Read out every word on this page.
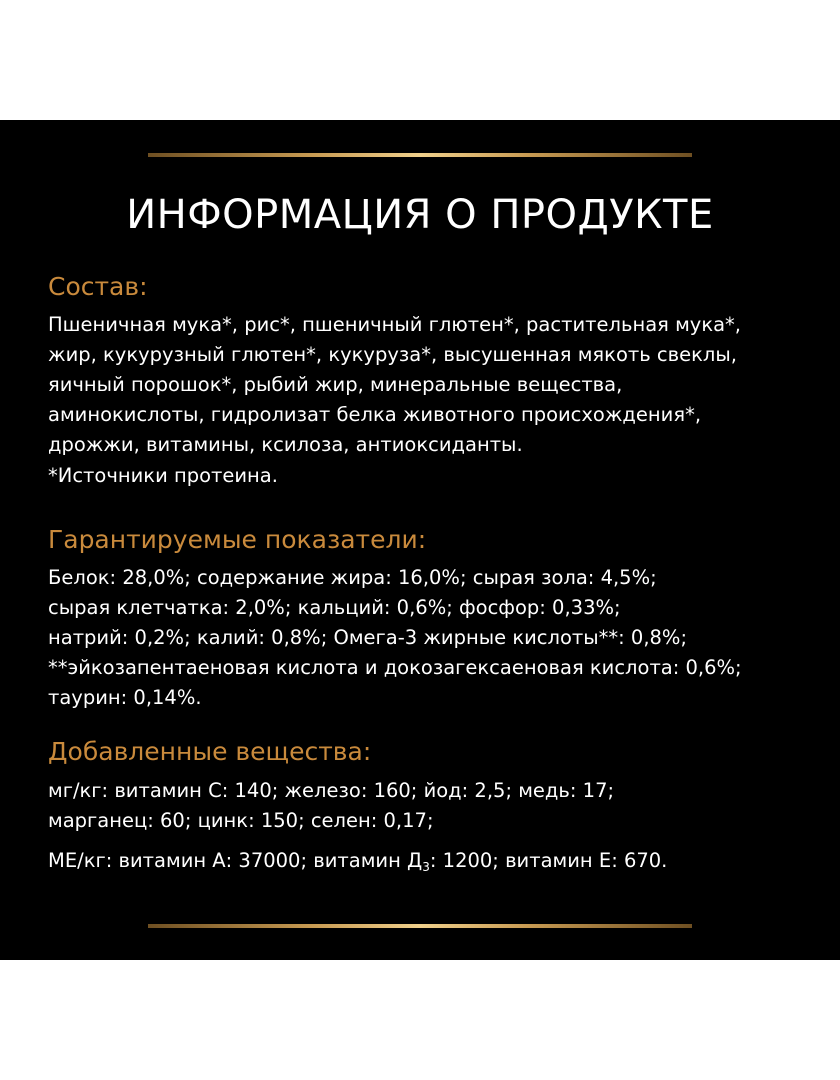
ИНФОРМАЦИЯ О ПРОДУКТЕ
Состав:
Пшеничная мука*, рис*, пшеничный глютен*, растительная мука*,
жир, кукурузный глютен*, кукуруза*, высушенная мякоть свеклы,
яичный порошок*, рыбий жир, минеральные вещества,
аминокислоты, гидролизат белка животного происхождения*,
дрожжи, витамины, ксилоза, антиоксиданты.
*Источники протеина.
Гарантируемые показатели:
Белок: 28,0%; содержание жира: 16,0%; сырая зола: 4,5%;
сырая клетчатка: 2,0%; кальций: 0,6%; фосфор: 0,33%;
натрий: 0,2%; калий: 0,8%; Омега-3 жирные кислоты**: 0,8%;
**эйкозапентаеновая кислота и докозагексаеновая кислота: 0,6%;
таурин: 0,14%.
Добавленные вещества:
мг/кг: витамин С: 140; железо: 160; йод: 2,5; медь: 17;
марганец: 60; цинк: 150; селен: 0,17;
МЕ/кг: витамин А: 37000; витамин $Д_3$: 1200; витамин Е: 670.
